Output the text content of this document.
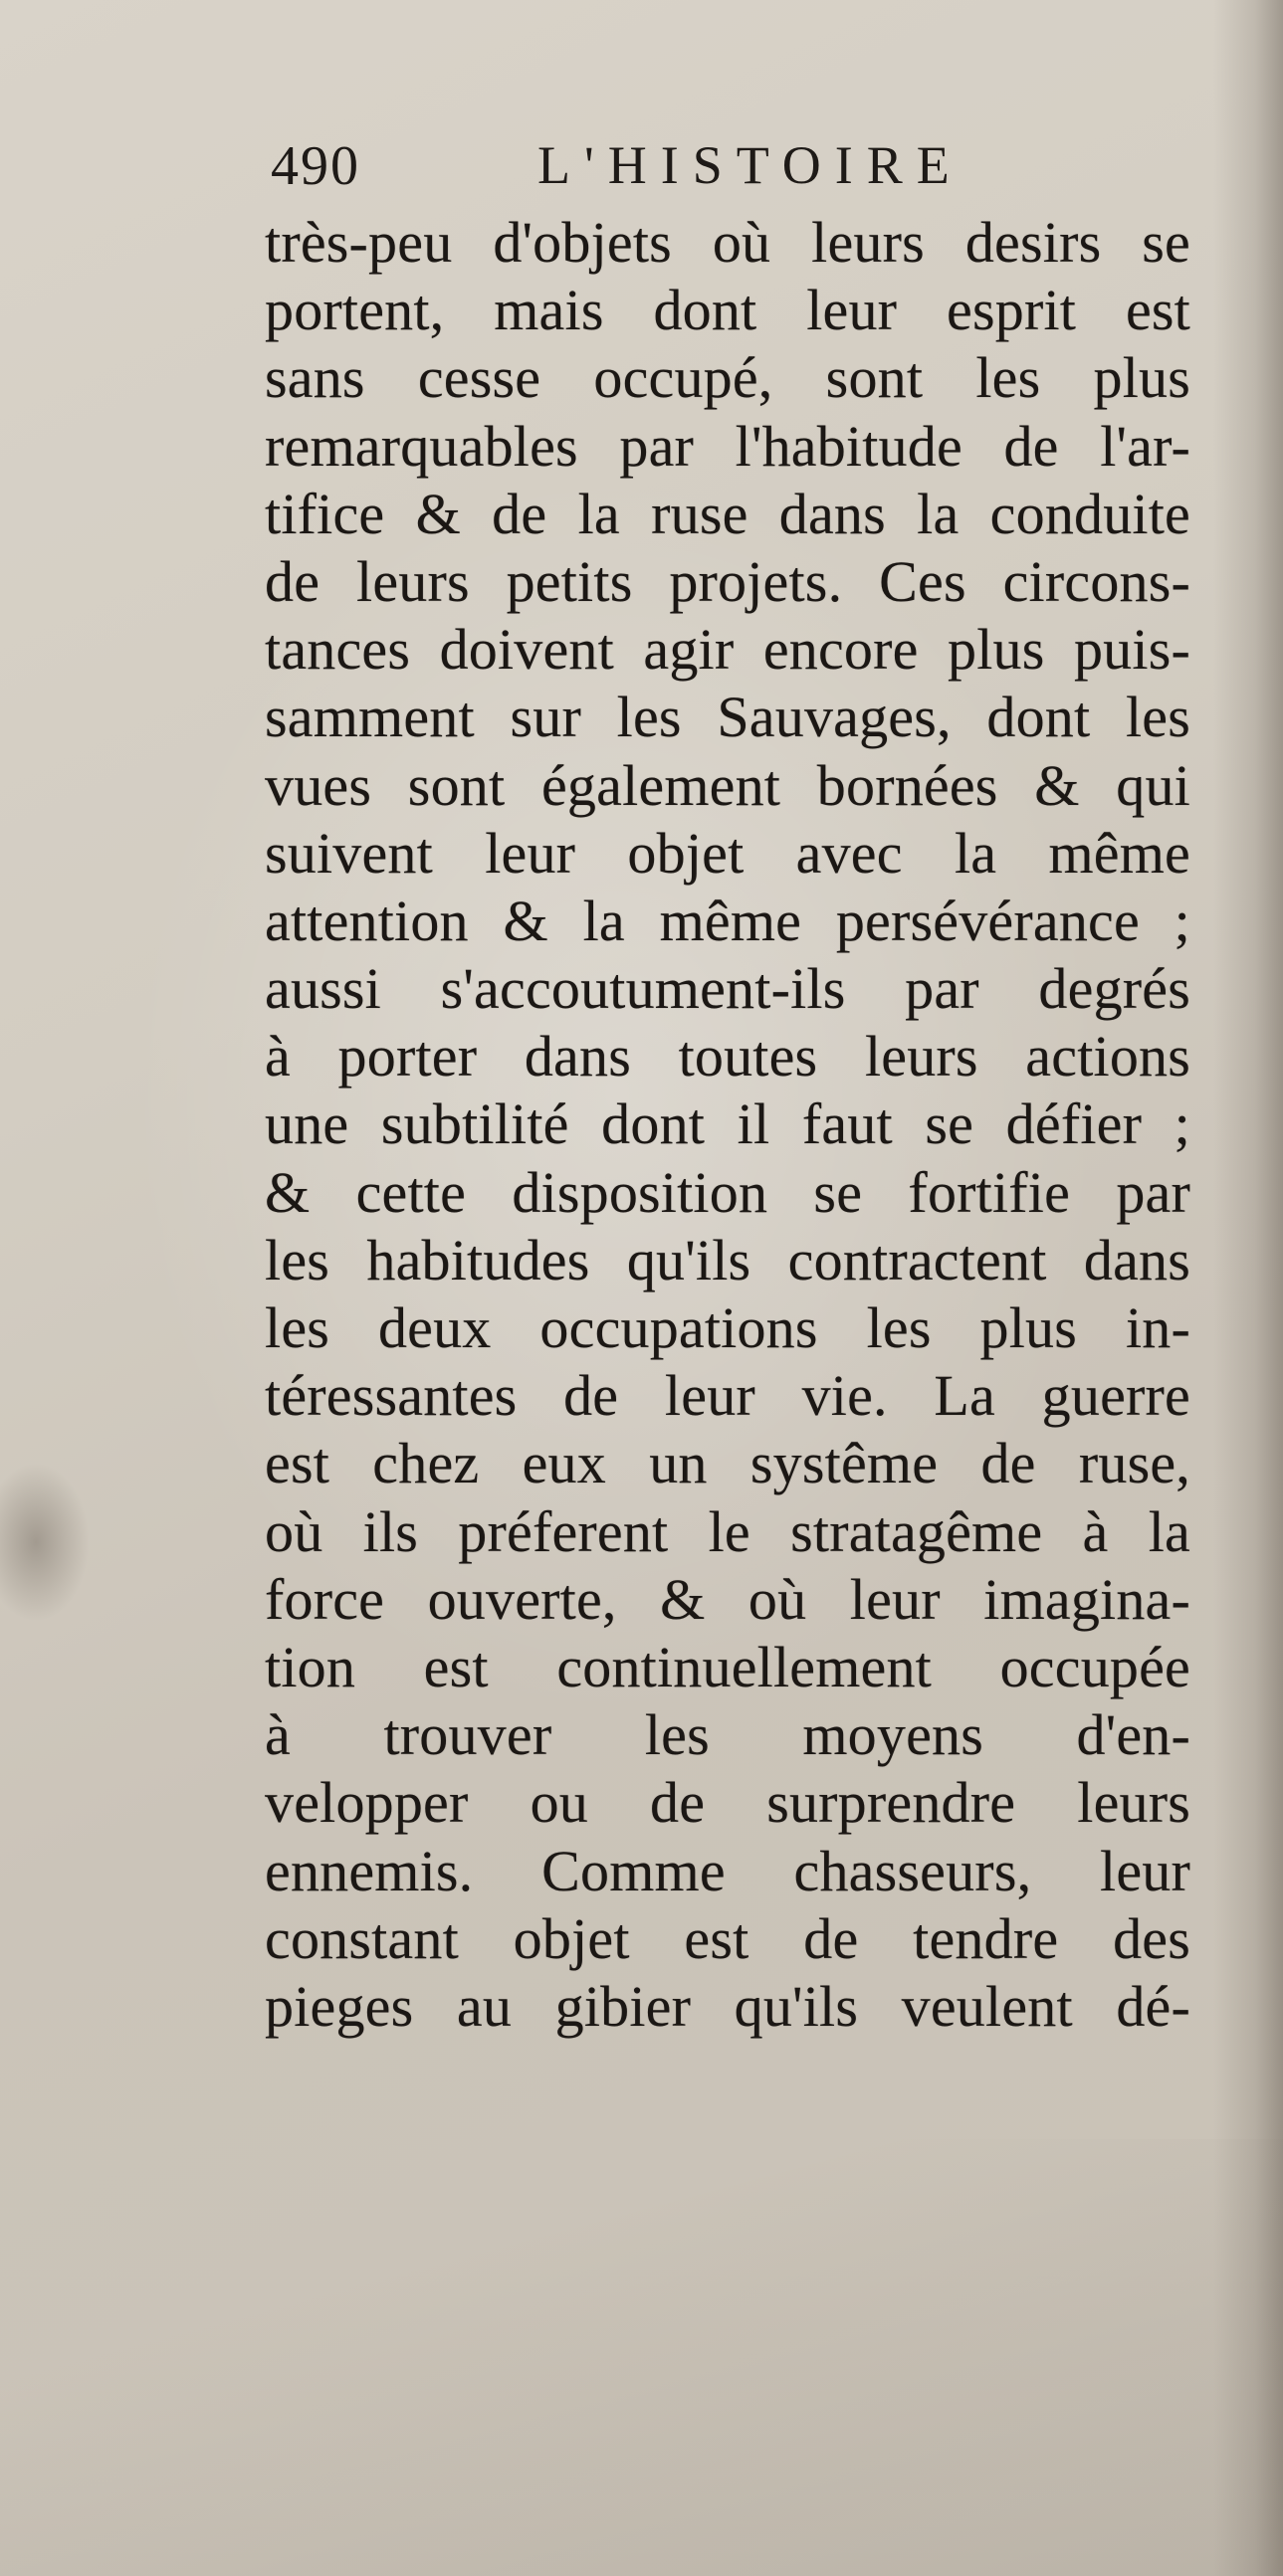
490	L'HISTOIRE
très-peu d'objets où leurs desirs se
portent, mais dont leur esprit est
sans cesse occupé, sont les plus
remarquables par l'habitude de l'ar-
tifice & de la ruse dans la conduite
de leurs petits projets. Ces circons-
tances doivent agir encore plus puis-
samment sur les Sauvages, dont les
vues sont également bornées & qui
suivent leur objet avec la même
attention & la même persévérance ;
aussi s'accoutument-ils par degrés
à porter dans toutes leurs actions
une subtilité dont il faut se défier ;
& cette disposition se fortifie par
les habitudes qu'ils contractent dans
les deux occupations les plus in-
téressantes de leur vie. La guerre
est chez eux un systême de ruse,
où ils préferent le stratagême à la
force ouverte, & où leur imagina-
tion est continuellement occupée
à trouver les moyens d'en-
velopper ou de surprendre leurs
ennemis. Comme chasseurs, leur
constant objet est de tendre des
pieges au gibier qu'ils veulent dé-
